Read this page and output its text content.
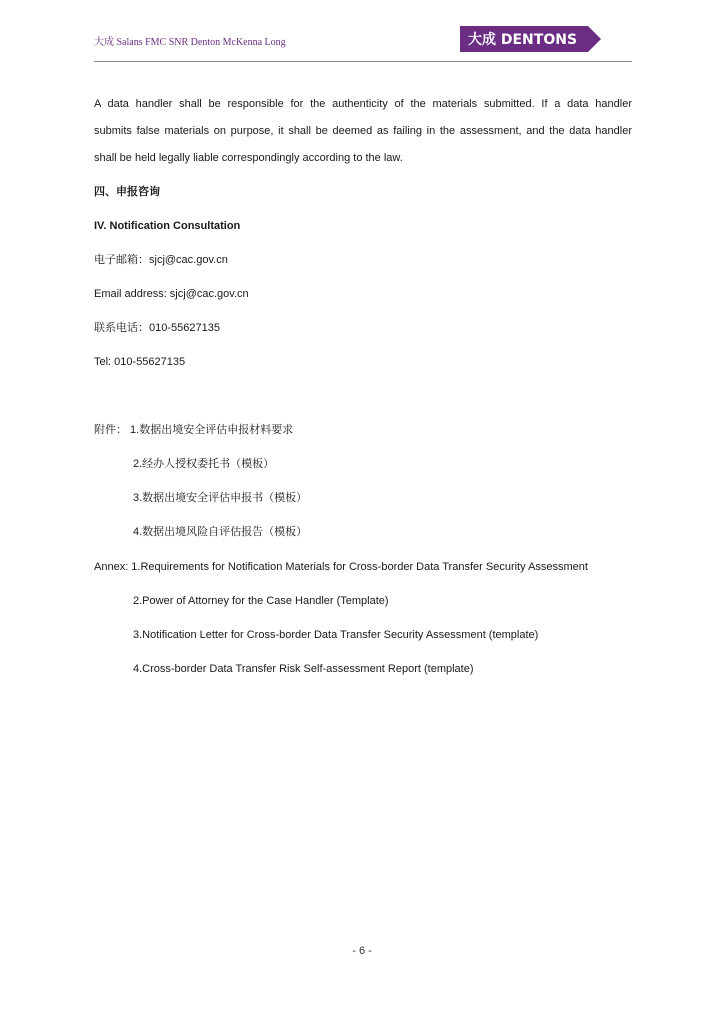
大成 Salans FMC SNR Denton McKenna Long	大成 DENTONS
A data handler shall be responsible for the authenticity of the materials submitted. If a data handler
submits false materials on purpose, it shall be deemed as failing in the assessment, and the data handler
shall be held legally liable correspondingly according to the law.
四、申报咨询
IV. Notification Consultation
电子邮箱：sjcj@cac.gov.cn
Email address: sjcj@cac.gov.cn
联系电话：010-55627135
Tel: 010-55627135
附件： 1.数据出境安全评估申报材料要求
2.经办人授权委托书（模板）
3.数据出境安全评估申报书（模板）
4.数据出境风险自评估报告（模板）
Annex: 1.Requirements for Notification Materials for Cross-border Data Transfer Security Assessment
2.Power of Attorney for the Case Handler (Template)
3.Notification Letter for Cross-border Data Transfer Security Assessment (template)
4.Cross-border Data Transfer Risk Self-assessment Report (template)
- 6 -
